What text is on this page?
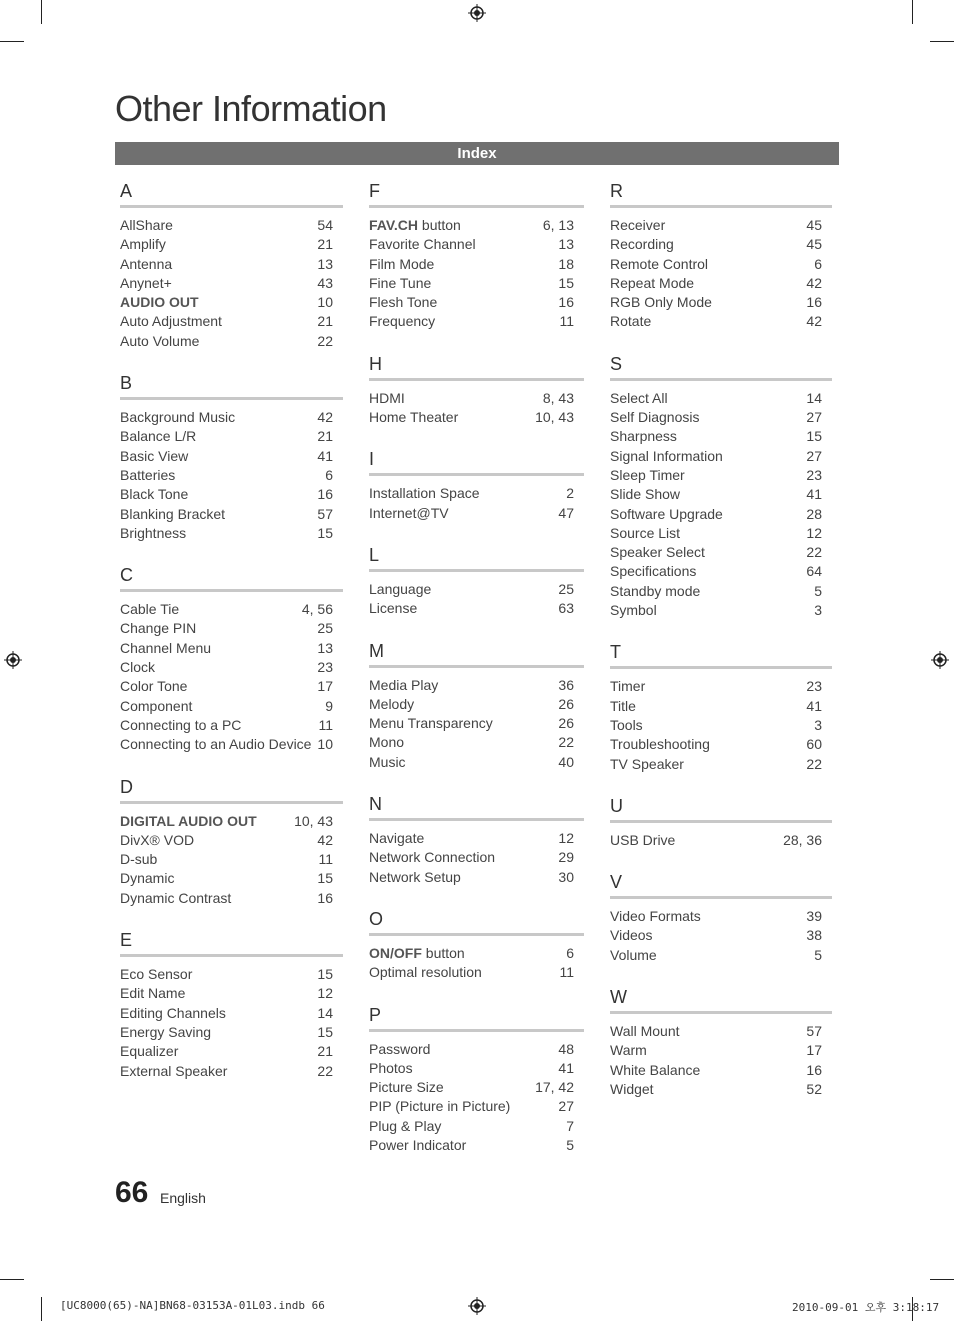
Other Information
Index
A
AllShare	54
Amplify	21
Antenna	13
Anynet+	43
AUDIO OUT	10
Auto Adjustment	21
Auto Volume	22
B
Background Music	42
Balance L/R	21
Basic View	41
Batteries	6
Black Tone	16
Blanking Bracket	57
Brightness	15
C
Cable Tie	4, 56
Change PIN	25
Channel Menu	13
Clock	23
Color Tone	17
Component	9
Connecting to a PC	11
Connecting to an Audio Device 10
D
DIGITAL AUDIO OUT	10, 43
DivX® VOD	42
D-sub	11
Dynamic	15
Dynamic Contrast	16
E
Eco Sensor	15
Edit Name	12
Editing Channels	14
Energy Saving	15
Equalizer	21
External Speaker	22
F
FAV.CH button	6, 13
Favorite Channel	13
Film Mode	18
Fine Tune	15
Flesh Tone	16
Frequency	11
H
HDMI	8, 43
Home Theater	10, 43
I
Installation Space	2
Internet@TV	47
L
Language	25
License	63
M
Media Play	36
Melody	26
Menu Transparency	26
Mono	22
Music	40
N
Navigate	12
Network Connection	29
Network Setup	30
O
ON/OFF button	6
Optimal resolution	11
P
Password	48
Photos	41
Picture Size	17, 42
PIP (Picture in Picture)	27
Plug & Play	7
Power Indicator	5
R
Receiver	45
Recording	45
Remote Control	6
Repeat Mode	42
RGB Only Mode	16
Rotate	42
S
Select All	14
Self Diagnosis	27
Sharpness	15
Signal Information	27
Sleep Timer	23
Slide Show	41
Software Upgrade	28
Source List	12
Speaker Select	22
Specifications	64
Standby mode	5
Symbol	3
T
Timer	23
Title	41
Tools	3
Troubleshooting	60
TV Speaker	22
U
USB Drive	28, 36
V
Video Formats	39
Videos	38
Volume	5
W
Wall Mount	57
Warm	17
White Balance	16
Widget	52
66 English
[UC8000(65)-NA]BN68-03153A-01L03.indb 66	2010-09-01 오후 3:18:17
